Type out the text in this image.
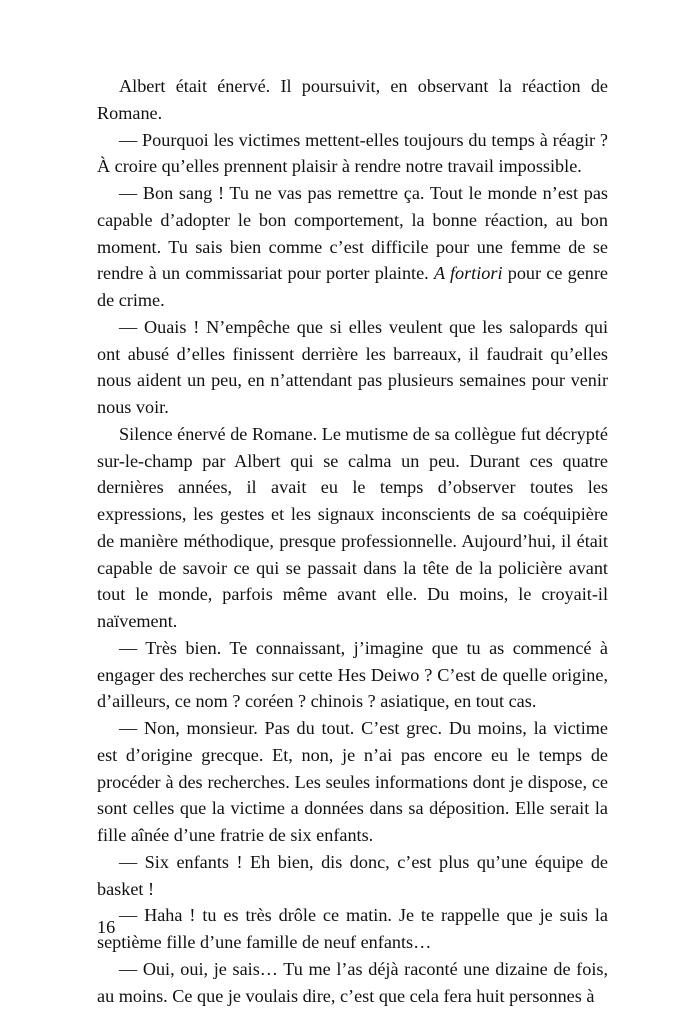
Albert était énervé. Il poursuivit, en observant la réaction de Romane.

— Pourquoi les victimes mettent-elles toujours du temps à réagir ? À croire qu’elles prennent plaisir à rendre notre travail impossible.

— Bon sang ! Tu ne vas pas remettre ça. Tout le monde n’est pas capable d’adopter le bon comportement, la bonne réaction, au bon moment. Tu sais bien comme c’est difficile pour une femme de se rendre à un commissariat pour porter plainte. A fortiori pour ce genre de crime.

— Ouais ! N’empêche que si elles veulent que les salopards qui ont abusé d’elles finissent derrière les barreaux, il faudrait qu’elles nous aident un peu, en n’attendant pas plusieurs semaines pour venir nous voir.

Silence énervé de Romane. Le mutisme de sa collègue fut décrypté sur-le-champ par Albert qui se calma un peu. Durant ces quatre dernières années, il avait eu le temps d’observer toutes les expressions, les gestes et les signaux inconscients de sa coéquipière de manière méthodique, presque professionnelle. Aujourd’hui, il était capable de savoir ce qui se passait dans la tête de la policière avant tout le monde, parfois même avant elle. Du moins, le croyait-il naïvement.

— Très bien. Te connaissant, j’imagine que tu as commencé à engager des recherches sur cette Hes Deiwo ? C’est de quelle origine, d’ailleurs, ce nom ? coréen ? chinois ? asiatique, en tout cas.

— Non, monsieur. Pas du tout. C’est grec. Du moins, la victime est d’origine grecque. Et, non, je n’ai pas encore eu le temps de procéder à des recherches. Les seules informations dont je dispose, ce sont celles que la victime a données dans sa déposition. Elle serait la fille aînée d’une fratrie de six enfants.

— Six enfants ! Eh bien, dis donc, c’est plus qu’une équipe de basket !

— Haha ! tu es très drôle ce matin. Je te rappelle que je suis la septième fille d’une famille de neuf enfants…

— Oui, oui, je sais… Tu me l’as déjà raconté une dizaine de fois, au moins. Ce que je voulais dire, c’est que cela fera huit personnes à

16
